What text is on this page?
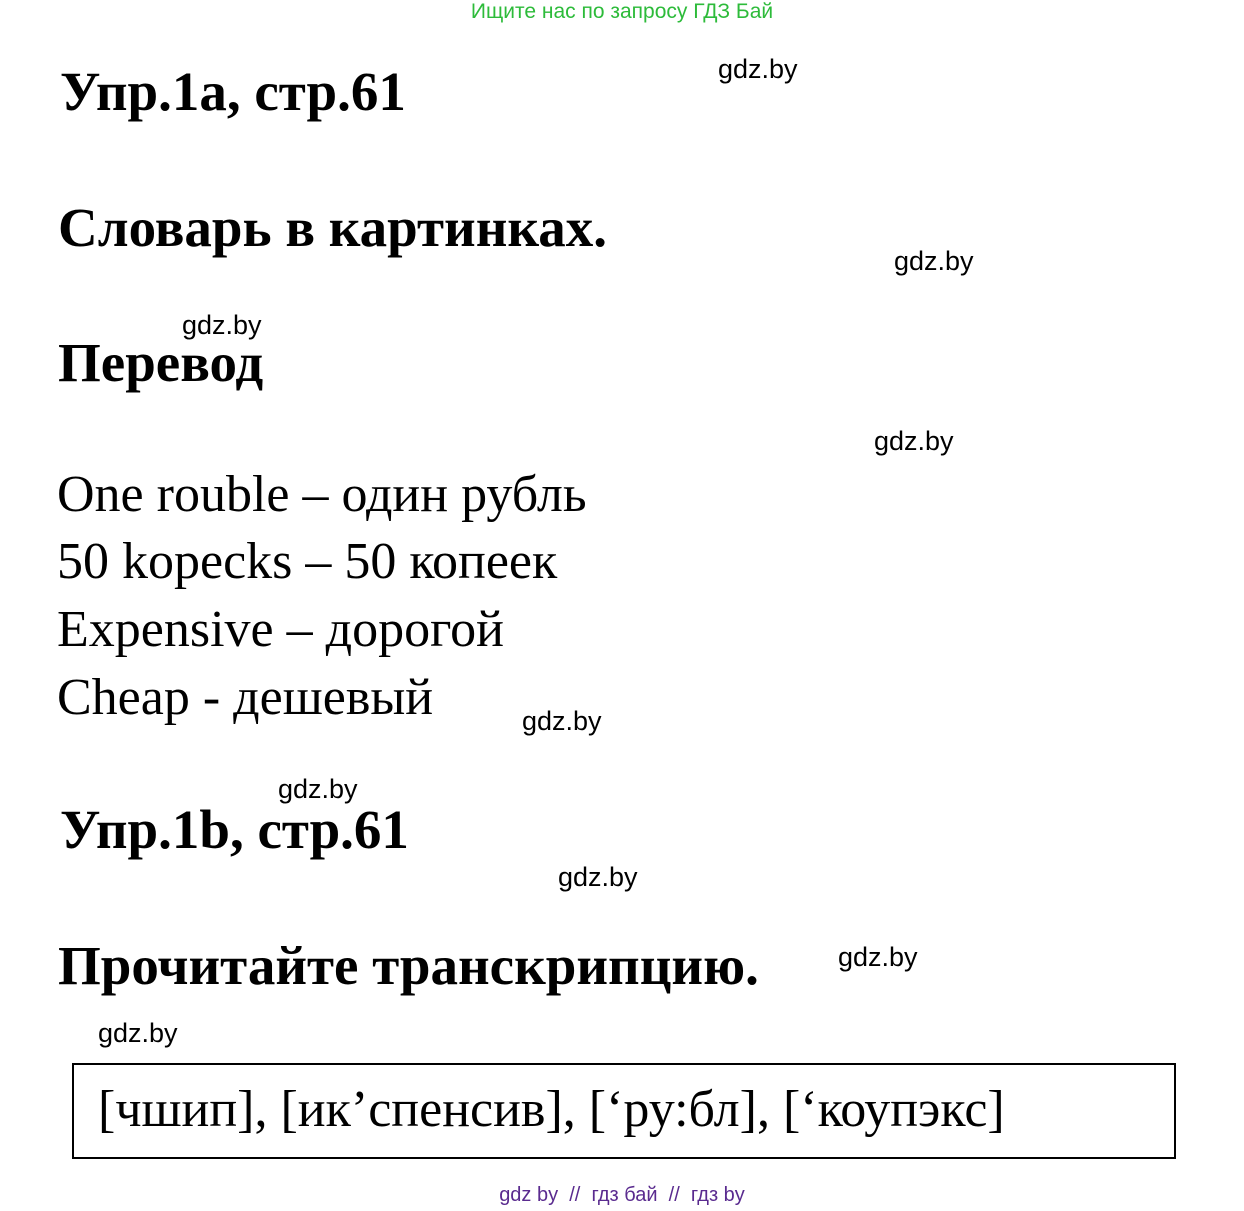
Ищите нас по запросу ГДЗ Бай
Упр.1a, стр.61	gdz.by
Словарь в картинках.
gdz.by
gdz.by
Перевод
gdz.by
One rouble – один рубль
50 kopecks – 50 копеек
Expensive – дорогой
Cheap - дешевый	gdz.by
gdz.by
Упр.1b, стр.61
gdz.by
Прочитайте транскрипцию.	gdz.by
gdz.by
[чшип], [ик’спенсив], [‘ру:бл], [‘коупэкс]
gdz by  //  гдз бай  //  гдз by
